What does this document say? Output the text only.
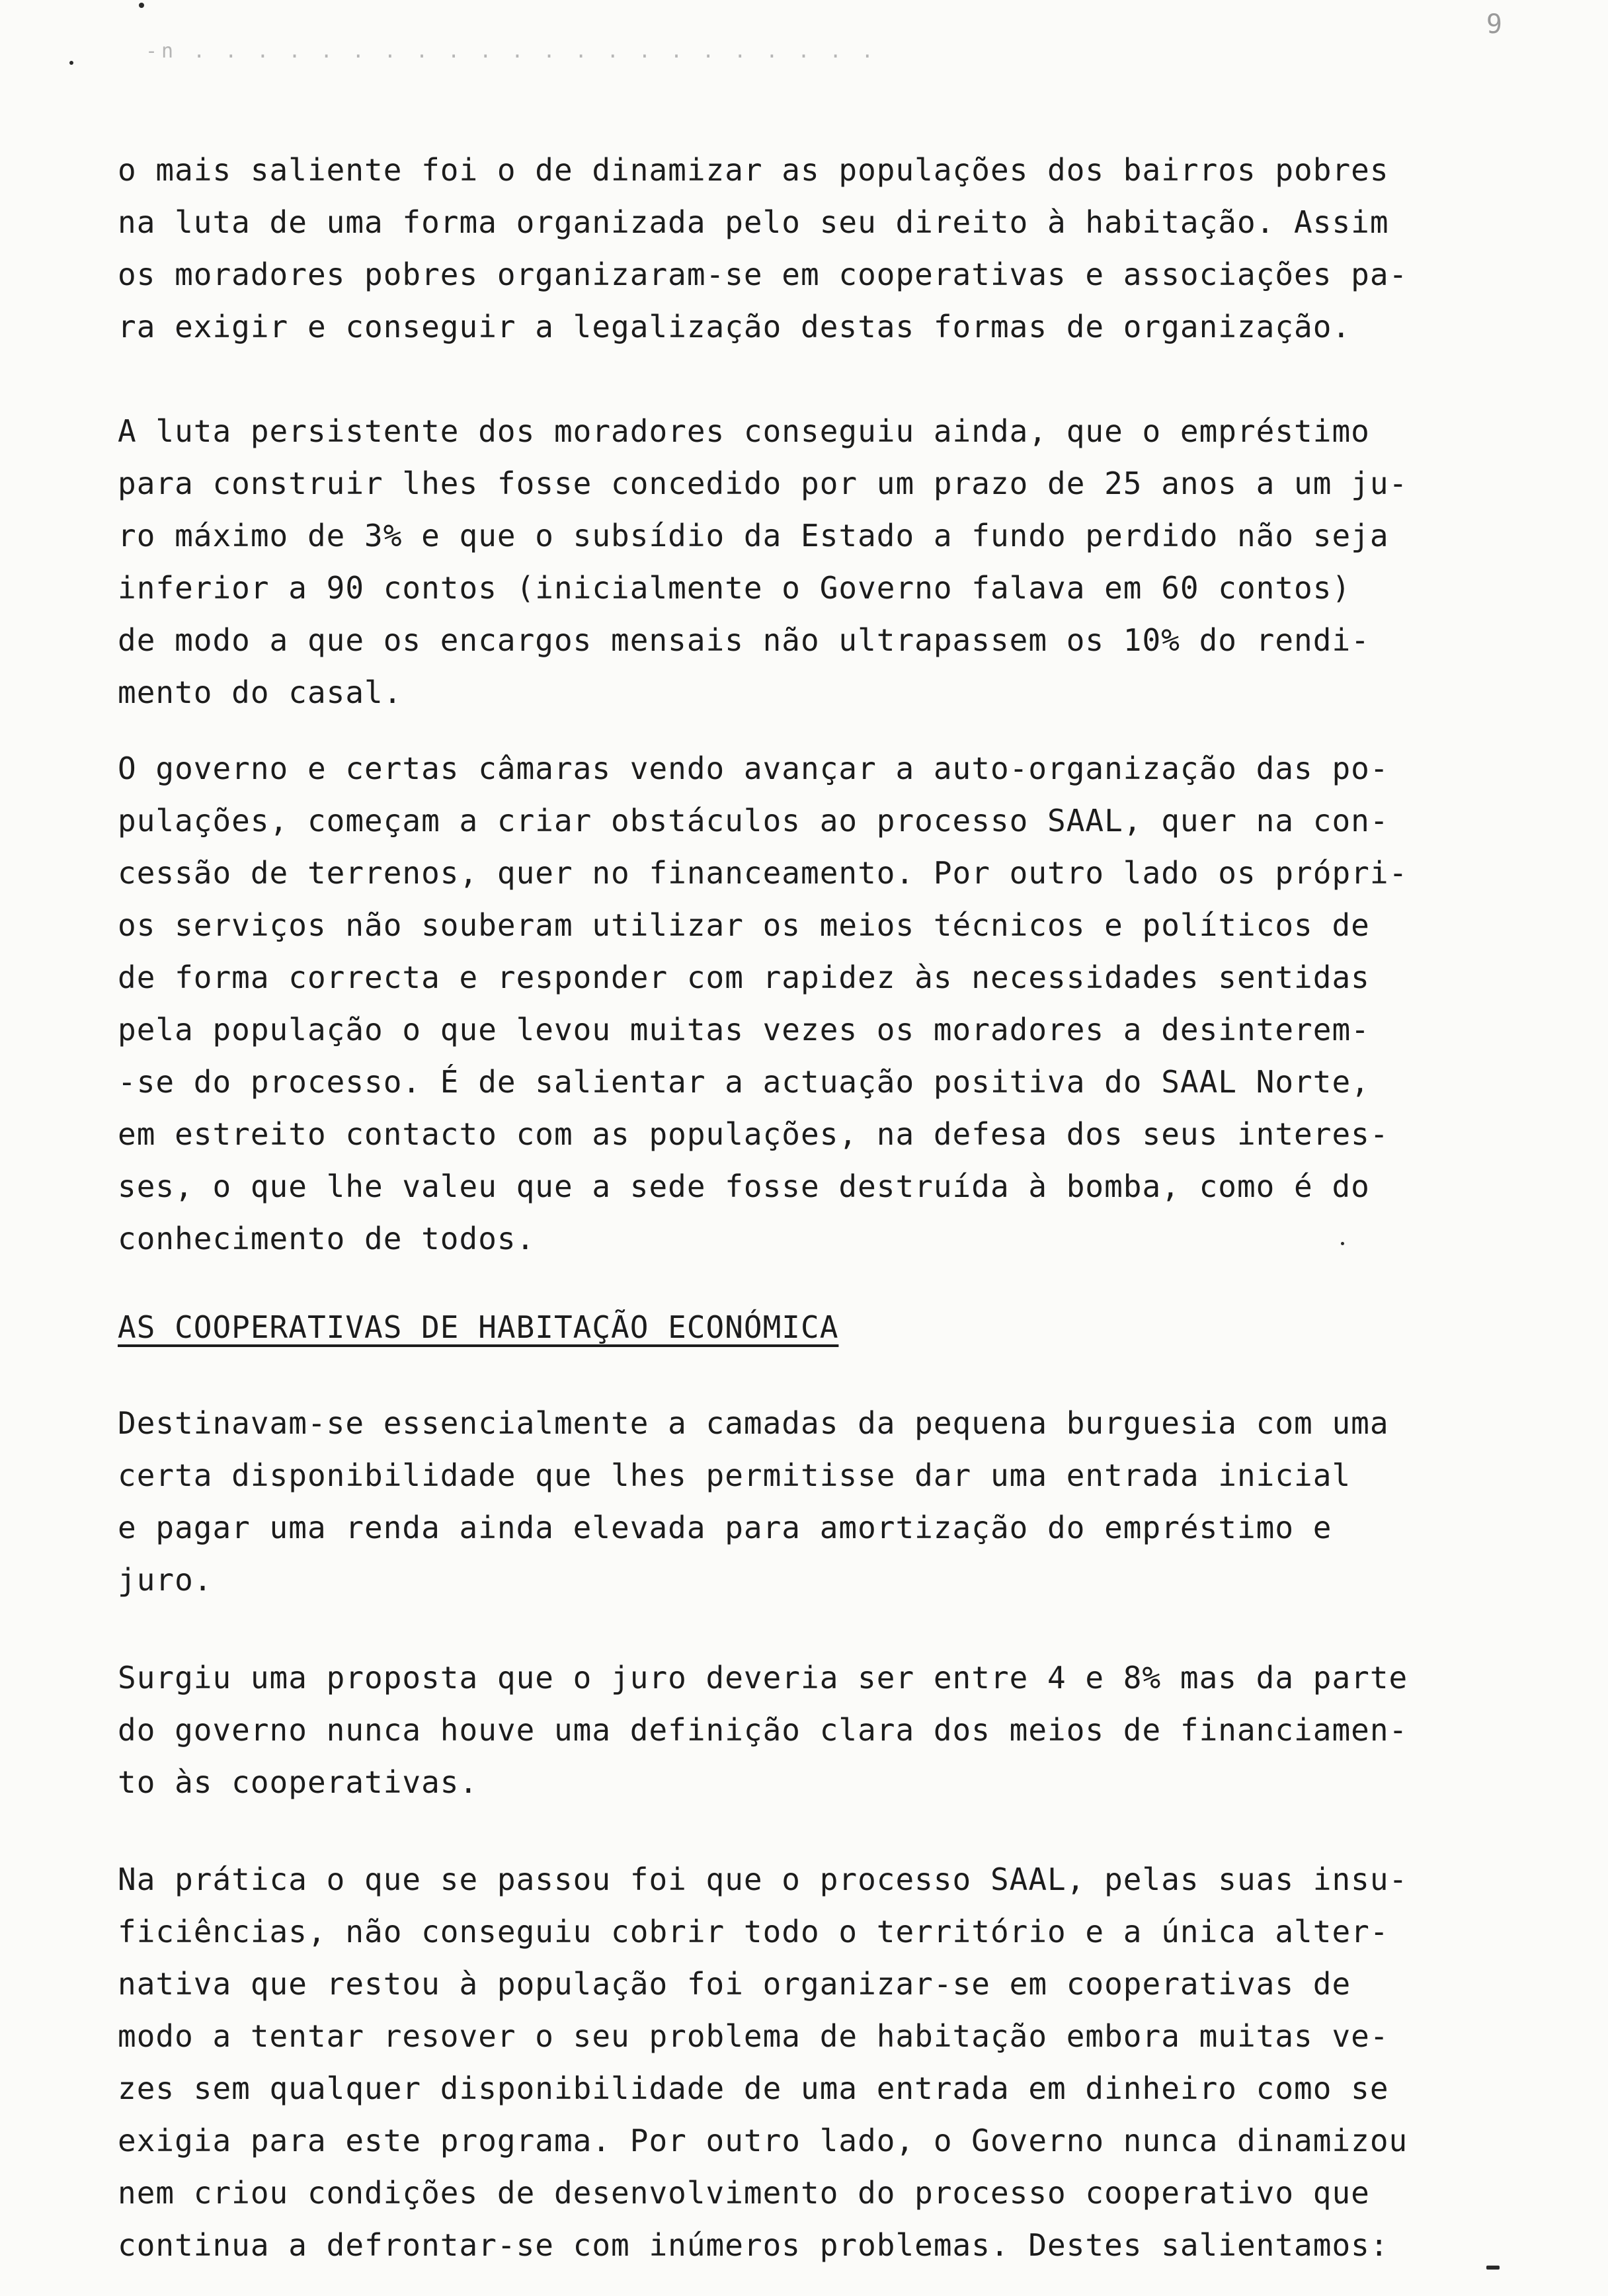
-n . . . . . . . . . . . . . . . . . . . . . .
9
o mais saliente foi o de dinamizar as populações dos bairros pobres
na luta de uma forma organizada pelo seu direito à habitação. Assim
os moradores pobres organizaram-se em cooperativas e associações pa-
ra exigir e conseguir a legalização destas formas de organização.
A luta persistente dos moradores conseguiu ainda, que o empréstimo
para construir lhes fosse concedido por um prazo de 25 anos a um ju-
ro máximo de 3% e que o subsídio da Estado a fundo perdido não seja
inferior a 90 contos (inicialmente o Governo falava em 60 contos)
de modo a que os encargos mensais não ultrapassem os 10% do rendi-
mento do casal.
O governo e certas câmaras vendo avançar a auto-organização das po-
pulações, começam a criar obstáculos ao processo SAAL, quer na con-
cessão de terrenos, quer no financeamento. Por outro lado os própri-
os serviços não souberam utilizar os meios técnicos e políticos de
de forma correcta e responder com rapidez às necessidades sentidas
pela população o que levou muitas vezes os moradores a desinterem-
-se do processo. É de salientar a actuação positiva do SAAL Norte,
em estreito contacto com as populações, na defesa dos seus interes-
ses, o que lhe valeu que a sede fosse destruída à bomba, como é do
conhecimento de todos.
AS COOPERATIVAS DE HABITAÇÃO ECONÓMICA
Destinavam-se essencialmente a camadas da pequena burguesia com uma
certa disponibilidade que lhes permitisse dar uma entrada inicial
e pagar uma renda ainda elevada para amortização do empréstimo e
juro.
Surgiu uma proposta que o juro deveria ser entre 4 e 8% mas da parte
do governo nunca houve uma definição clara dos meios de financiamen-
to às cooperativas.
Na prática o que se passou foi que o processo SAAL, pelas suas insu-
ficiências, não conseguiu cobrir todo o território e a única alter-
nativa que restou à população foi organizar-se em cooperativas de
modo a tentar resover o seu problema de habitação embora muitas ve-
zes sem qualquer disponibilidade de uma entrada em dinheiro como se
exigia para este programa. Por outro lado, o Governo nunca dinamizou
nem criou condições de desenvolvimento do processo cooperativo que
continua a defrontar-se com inúmeros problemas. Destes salientamos:
